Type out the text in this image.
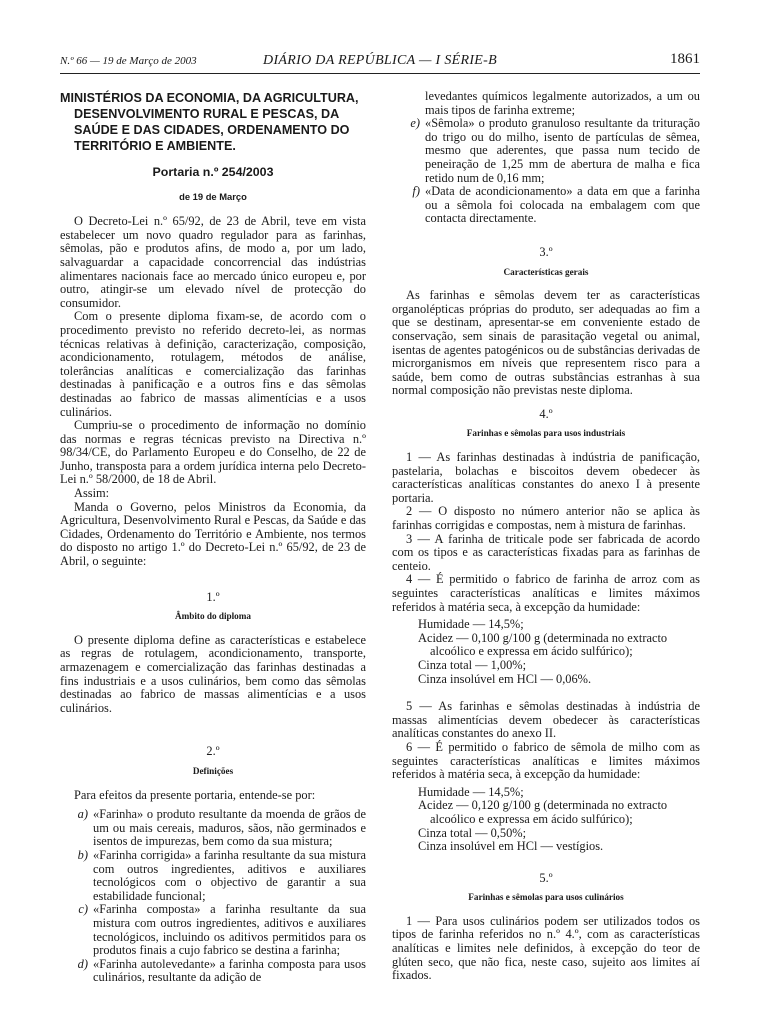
N.º 66 — 19 de Março de 2003	DIÁRIO DA REPÚBLICA — I SÉRIE-B	1861

MINISTÉRIOS DA ECONOMIA, DA AGRICULTURA, DESENVOLVIMENTO RURAL E PESCAS, DA SAÚDE E DAS CIDADES, ORDENAMENTO DO TERRITÓRIO E AMBIENTE.

Portaria n.º 254/2003
de 19 de Março

O Decreto-Lei n.º 65/92, de 23 de Abril, teve em vista estabelecer um novo quadro regulador para as farinhas, sêmolas, pão e produtos afins, de modo a, por um lado, salvaguardar a capacidade concorrencial das indústrias alimentares nacionais face ao mercado único europeu e, por outro, atingir-se um elevado nível de protecção do consumidor.

Com o presente diploma fixam-se, de acordo com o procedimento previsto no referido decreto-lei, as normas técnicas relativas à definição, caracterização, composição, acondicionamento, rotulagem, métodos de análise, tolerâncias analíticas e comercialização das farinhas destinadas à panificação e a outros fins e das sêmolas destinadas ao fabrico de massas alimentícias e a usos culinários.

Cumpriu-se o procedimento de informação no domínio das normas e regras técnicas previsto na Directiva n.º 98/34/CE, do Parlamento Europeu e do Conselho, de 22 de Junho, transposta para a ordem jurídica interna pelo Decreto-Lei n.º 58/2000, de 18 de Abril.

Assim:

Manda o Governo, pelos Ministros da Economia, da Agricultura, Desenvolvimento Rural e Pescas, da Saúde e das Cidades, Ordenamento do Território e Ambiente, nos termos do disposto no artigo 1.º do Decreto-Lei n.º 65/92, de 23 de Abril, o seguinte:

1.º
Âmbito do diploma

O presente diploma define as características e estabelece as regras de rotulagem, acondicionamento, transporte, armazenagem e comercialização das farinhas destinadas a fins industriais e a usos culinários, bem como das sêmolas destinadas ao fabrico de massas alimentícias e a usos culinários.

2.º
Definições

Para efeitos da presente portaria, entende-se por:

a) «Farinha» o produto resultante da moenda de grãos de um ou mais cereais, maduros, sãos, não germinados e isentos de impurezas, bem como da sua mistura;
b) «Farinha corrigida» a farinha resultante da sua mistura com outros ingredientes, aditivos e auxiliares tecnológicos com o objectivo de garantir a sua estabilidade funcional;
c) «Farinha composta» a farinha resultante da sua mistura com outros ingredientes, aditivos e auxiliares tecnológicos, incluindo os aditivos permitidos para os produtos finais a cujo fabrico se destina a farinha;
d) «Farinha autolevedante» a farinha composta para usos culinários, resultante da adição de
levedantes químicos legalmente autorizados, a um ou mais tipos de farinha extreme;
e) «Sêmola» o produto granuloso resultante da trituração do trigo ou do milho, isento de partículas de sêmea, mesmo que aderentes, que passa num tecido de peneiração de 1,25 mm de abertura de malha e fica retido num de 0,16 mm;
f) «Data de acondicionamento» a data em que a farinha ou a sêmola foi colocada na embalagem com que contacta directamente.
3.º
Características gerais

As farinhas e sêmolas devem ter as características organolépticas próprias do produto, ser adequadas ao fim a que se destinam, apresentar-se em conveniente estado de conservação, sem sinais de parasitação vegetal ou animal, isentas de agentes patogénicos ou de substâncias derivadas de microrganismos em níveis que representem risco para a saúde, bem como de outras substâncias estranhas à sua normal composição não previstas neste diploma.

4.º
Farinhas e sêmolas para usos industriais

1 — As farinhas destinadas à indústria de panificação, pastelaria, bolachas e biscoitos devem obedecer às características analíticas constantes do anexo I à presente portaria.

2 — O disposto no número anterior não se aplica às farinhas corrigidas e compostas, nem à mistura de farinhas.

3 — A farinha de triticale pode ser fabricada de acordo com os tipos e as características fixadas para as farinhas de centeio.

4 — É permitido o fabrico de farinha de arroz com as seguintes características analíticas e limites máximos referidos à matéria seca, à excepção da humidade:

Humidade — 14,5%;
Acidez — 0,100 g/100 g (determinada no extracto
alcoólico e expressa em ácido sulfúrico);
Cinza total — 1,00%;
Cinza insolúvel em HCl — 0,06%.

5 — As farinhas e sêmolas destinadas à indústria de massas alimentícias devem obedecer às características analíticas constantes do anexo II.

6 — É permitido o fabrico de sêmola de milho com as seguintes características analíticas e limites máximos referidos à matéria seca, à excepção da humidade:

Humidade — 14,5%;
Acidez — 0,120 g/100 g (determinada no extracto
alcoólico e expressa em ácido sulfúrico);
Cinza total — 0,50%;
Cinza insolúvel em HCl — vestígios.
5.º
Farinhas e sêmolas para usos culinários

1 — Para usos culinários podem ser utilizados todos os tipos de farinha referidos no n.º 4.º, com as características analíticas e limites nele definidos, à excepção do teor de glúten seco, que não fica, neste caso, sujeito aos limites aí fixados.
